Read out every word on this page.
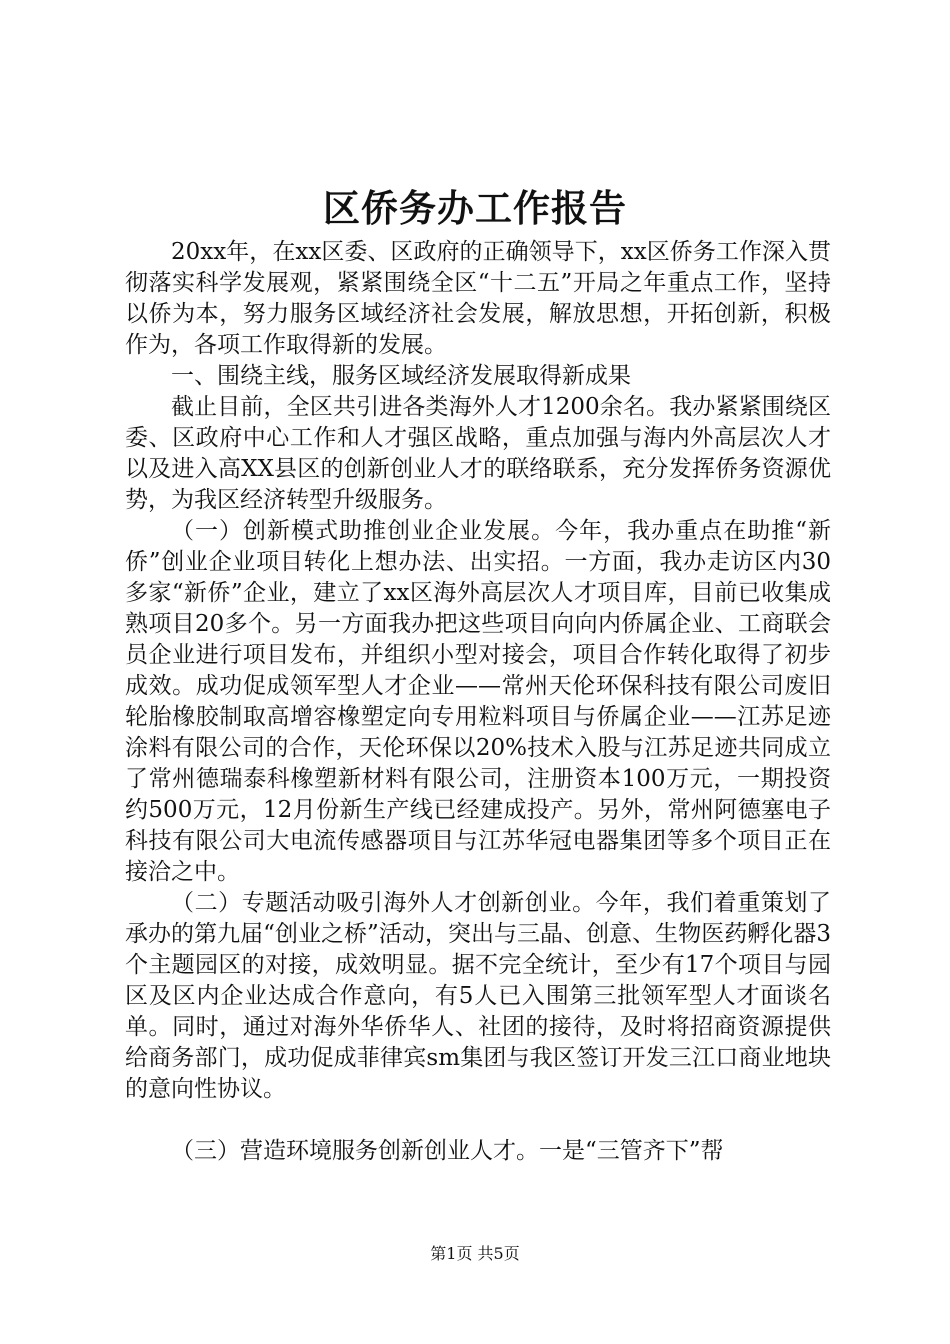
区侨务办工作报告

20xx年，在xx区委、区政府的正确领导下，xx区侨务工作深入贯彻落实科学发展观，紧紧围绕全区“十二五”开局之年重点工作，坚持以侨为本，努力服务区域经济社会发展，解放思想，开拓创新，积极作为，各项工作取得新的发展。

一、围绕主线，服务区域经济发展取得新成果

截止目前，全区共引进各类海外人才1200余名。我办紧紧围绕区委、区政府中心工作和人才强区战略，重点加强与海内外高层次人才以及进入高XX县区的创新创业人才的联络联系，充分发挥侨务资源优势，为我区经济转型升级服务。

（一）创新模式助推创业企业发展。今年，我办重点在助推“新侨”创业企业项目转化上想办法、出实招。一方面，我办走访区内30多家“新侨”企业，建立了xx区海外高层次人才项目库，目前已收集成熟项目20多个。另一方面我办把这些项目向向内侨属企业、工商联会员企业进行项目发布，并组织小型对接会，项目合作转化取得了初步成效。成功促成领军型人才企业——常州天伦环保科技有限公司废旧轮胎橡胶制取高增容橡塑定向专用粒料项目与侨属企业——江苏足迹涂料有限公司的合作，天伦环保以20%技术入股与江苏足迹共同成立了常州德瑞泰科橡塑新材料有限公司，注册资本100万元，一期投资约500万元，12月份新生产线已经建成投产。另外，常州阿德塞电子科技有限公司大电流传感器项目与江苏华冠电器集团等多个项目正在接洽之中。

（二）专题活动吸引海外人才创新创业。今年，我们着重策划了承办的第九届“创业之桥”活动，突出与三晶、创意、生物医药孵化器3个主题园区的对接，成效明显。据不完全统计，至少有17个项目与园区及区内企业达成合作意向，有5人已入围第三批领军型人才面谈名单。同时，通过对海外华侨华人、社团的接待，及时将招商资源提供给商务部门，成功促成菲律宾sm集团与我区签订开发三江口商业地块的意向性协议。

（三）营造环境服务创新创业人才。一是“三管齐下”帮

第1页 共5页
